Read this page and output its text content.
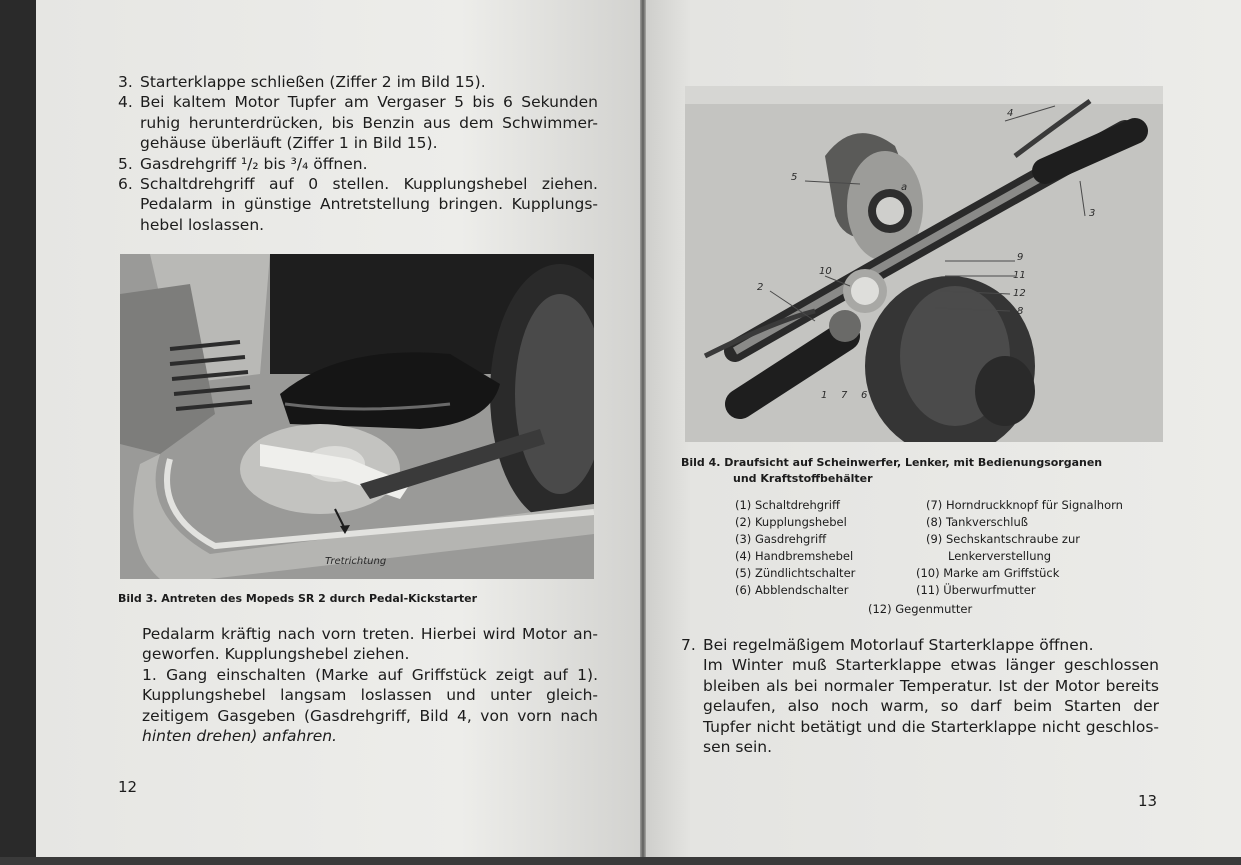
3. Starterklappe schließen (Ziffer 2 im Bild 15).
4. Bei kaltem Motor Tupfer am Vergaser 5 bis 6 Sekunden
ruhig herunterdrücken, bis Benzin aus dem Schwimmer-
gehäuse überläuft (Ziffer 1 in Bild 15).
5. Gasdrehgriff ¹/₂ bis ³/₄ öffnen.
6. Schaltdrehgriff auf 0 stellen. Kupplungshebel ziehen.
Pedalarm in günstige Antretstellung bringen. Kupplungs-
hebel loslassen.
Tretrichtung
Bild 3. Antreten des Mopeds SR 2 durch Pedal-Kickstarter
Pedalarm kräftig nach vorn treten. Hierbei wird Motor an-
geworfen. Kupplungshebel ziehen.
1. Gang einschalten (Marke auf Griffstück zeigt auf 1).
Kupplungshebel langsam loslassen und unter gleich-
zeitigem Gasgeben (Gasdrehgriff, Bild 4, von vorn nach
hinten drehen) anfahren.
12
4
5
a
3
9
10	11
2
12
8
1 7 6
Bild 4. Draufsicht auf Scheinwerfer, Lenker, mit Bedienungsorganen
und Kraftstoffbehälter
(1) Schaltdrehgriff
(2) Kupplungshebel
(3) Gasdrehgriff
(4) Handbremshebel
(5) Zündlichtschalter
(6) Abblendschalter
(7) Horndruckknopf für Signalhorn
(8) Tankverschluß
(9) Sechskantschraube zur
Lenkerverstellung
(10) Marke am Griffstück
(11) Überwurfmutter
(12) Gegenmutter
7. Bei regelmäßigem Motorlauf Starterklappe öffnen.
Im Winter muß Starterklappe etwas länger geschlossen
bleiben als bei normaler Temperatur. Ist der Motor bereits
gelaufen, also noch warm, so darf beim Starten der
Tupfer nicht betätigt und die Starterklappe nicht geschlos-
sen sein.
13
